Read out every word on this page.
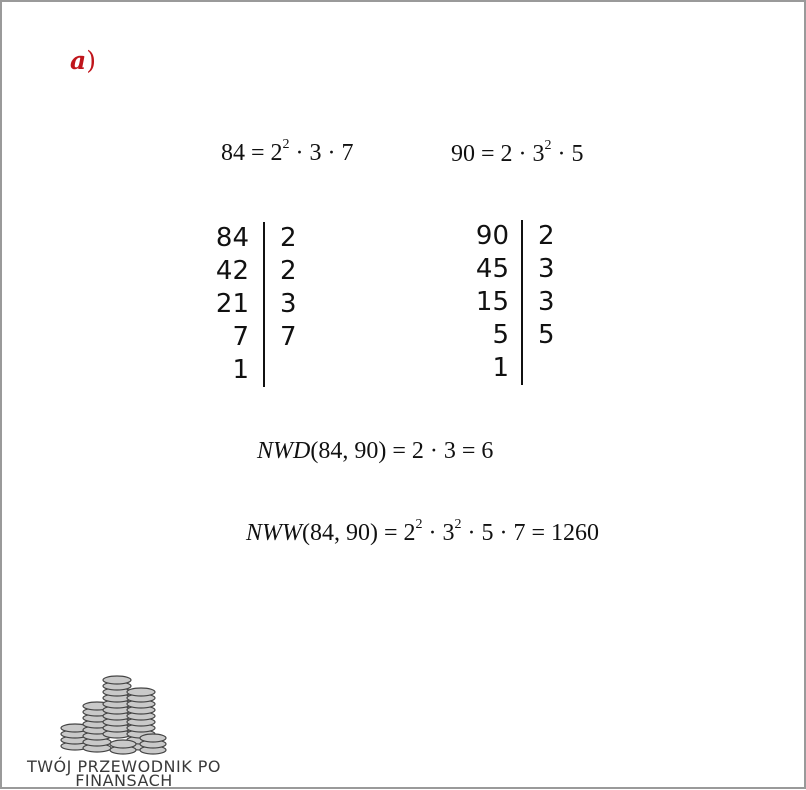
a)
$84 = 2^2 \cdot 3 \cdot 7$	$90 = 2 \cdot 3^2 \cdot 5$
84
42
21
7
1
2
2
3
7
90
45
15
5
1
2
3
3
5
NWD(84, 90) = 2 · 3 = 6
NWW(84, $90) = 2^2 \cdot 3^2 \cdot 5 \cdot 7 = 1260$
TWÓJ PRZEWODNIK PO
FINANSACH
